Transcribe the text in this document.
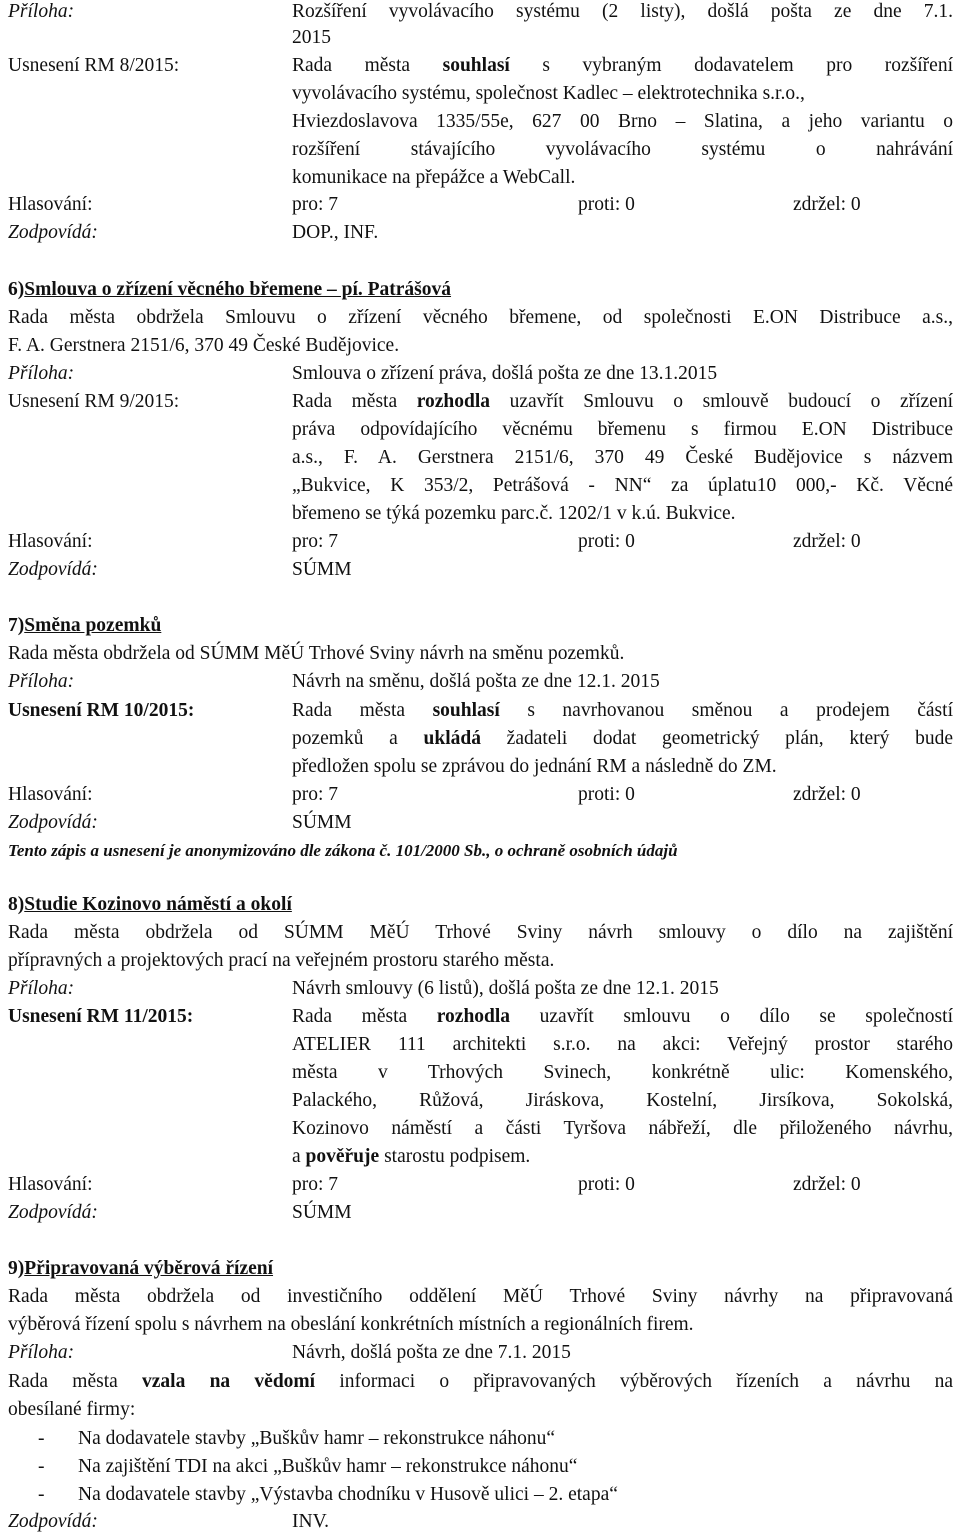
Příloha:	Rozšíření vyvolávacího systému (2 listy), došlá pošta ze dne 7.1.
2015
Usnesení RM 8/2015:	Rada města souhlasí s vybraným dodavatelem pro rozšíření
vyvolávacího systému, společnost Kadlec – elektrotechnika s.r.o.,
Hviezdoslavova 1335/55e, 627 00 Brno – Slatina, a jeho variantu o
rozšíření stávajícího vyvolávacího systému o nahrávání
komunikace na přepážce a WebCall.
Hlasování:	pro: 7	proti: 0	zdržel: 0
Zodpovídá:	DOP., INF.
6)Smlouva o zřízení věcného břemene – pí. Patrášová
Rada města obdržela Smlouvu o zřízení věcného břemene, od společnosti E.ON Distribuce a.s.,
F. A. Gerstnera 2151/6, 370 49 České Budějovice.
Příloha:	Smlouva o zřízení práva, došlá pošta ze dne 13.1.2015
Usnesení RM 9/2015:	Rada města rozhodla uzavřít Smlouvu o smlouvě budoucí o zřízení
práva odpovídajícího věcnému břemenu s firmou E.ON Distribuce
a.s., F. A. Gerstnera 2151/6, 370 49 České Budějovice s názvem
„Bukvice, K 353/2, Petrášová - NN“ za úplatu10 000,- Kč. Věcné
břemeno se týká pozemku parc.č. 1202/1 v k.ú. Bukvice.
Hlasování:	pro: 7	proti: 0	zdržel: 0
Zodpovídá:	SÚMM
7)Směna pozemků
Rada města obdržela od SÚMM MěÚ Trhové Sviny návrh na směnu pozemků.
Příloha:	Návrh na směnu, došlá pošta ze dne 12.1. 2015
Usnesení RM 10/2015:	Rada města souhlasí s navrhovanou směnou a prodejem částí
pozemků a ukládá žadateli dodat geometrický plán, který bude
předložen spolu se zprávou do jednání RM a následně do ZM.
Hlasování:	pro: 7	proti: 0	zdržel: 0
Zodpovídá:	SÚMM
Tento zápis a usnesení je anonymizováno dle zákona č. 101/2000 Sb., o ochraně osobních údajů
8)Studie Kozinovo náměstí a okolí
Rada města obdržela od SÚMM MěÚ Trhové Sviny návrh smlouvy o dílo na zajištění
přípravných a projektových prací na veřejném prostoru starého města.
Příloha:	Návrh smlouvy (6 listů), došlá pošta ze dne 12.1. 2015
Usnesení RM 11/2015:	Rada města rozhodla uzavřít smlouvu o dílo se společností
ATELIER 111 architekti s.r.o. na akci: Veřejný prostor starého
města v Trhových Svinech, konkrétně ulic: Komenského,
Palackého, Růžová, Jiráskova, Kostelní, Jirsíkova, Sokolská,
Kozinovo náměstí a části Tyršova nábřeží, dle přiloženého návrhu,
a pověřuje starostu podpisem.
Hlasování:	pro: 7	proti: 0	zdržel: 0
Zodpovídá:	SÚMM
9)Připravovaná výběrová řízení
Rada města obdržela od investičního oddělení MěÚ Trhové Sviny návrhy na připravovaná
výběrová řízení spolu s návrhem na obeslání konkrétních místních a regionálních firem.
Příloha:	Návrh, došlá pošta ze dne 7.1. 2015
Rada města vzala na vědomí informaci o připravovaných výběrových řízeních a návrhu na
obesílané firmy:
- Na dodavatele stavby „Buškův hamr – rekonstrukce náhonu“
- Na zajištění TDI na akci „Buškův hamr – rekonstrukce náhonu“
- Na dodavatele stavby „Výstavba chodníku v Husově ulici – 2. etapa“
Zodpovídá:	INV.
